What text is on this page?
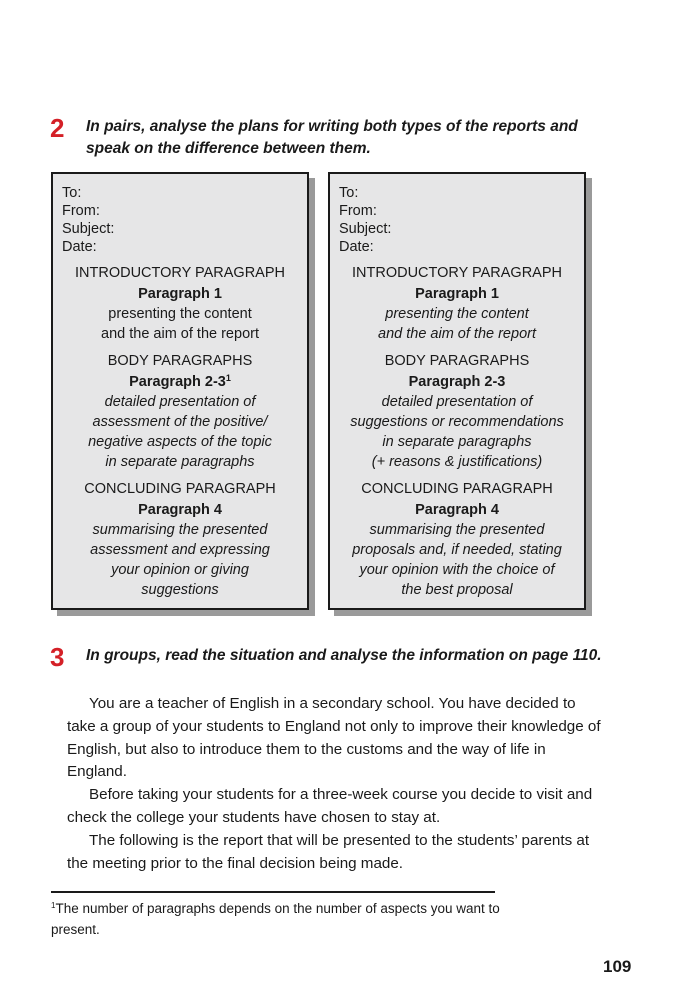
2 In pairs, analyse the plans for writing both types of the reports and speak on the difference between them.
To:
From:
Subject:
Date:
INTRODUCTORY PARAGRAPH
Paragraph 1
presenting the content
and the aim of the report
BODY PARAGRAPHS
Paragraph $2-3^1$
detailed presentation of
assessment of the positive/
negative aspects of the topic
in separate paragraphs
CONCLUDING PARAGRAPH
Paragraph 4
summarising the presented
assessment and expressing
your opinion or giving
suggestions
To:
From:
Subject:
Date:
INTRODUCTORY PARAGRAPH
Paragraph 1
presenting the content
and the aim of the report
BODY PARAGRAPHS
Paragraph 2-3
detailed presentation of
suggestions or recommendations
in separate paragraphs
(+ reasons & justifications)
CONCLUDING PARAGRAPH
Paragraph 4
summarising the presented
proposals and, if needed, stating
your opinion with the choice of
the best proposal
3 In groups, read the situation and analyse the information on page 110.

You are a teacher of English in a secondary school. You have decided to take a group of your students to England not only to improve their knowledge of English, but also to introduce them to the customs and the way of life in England.

Before taking your students for a three-week course you decide to visit and check the college your students have chosen to stay at.

The following is the report that will be presented to the students’ parents at the meeting prior to the final decision being made.

$^1$The number of paragraphs depends on the number of aspects you want to present.
109
